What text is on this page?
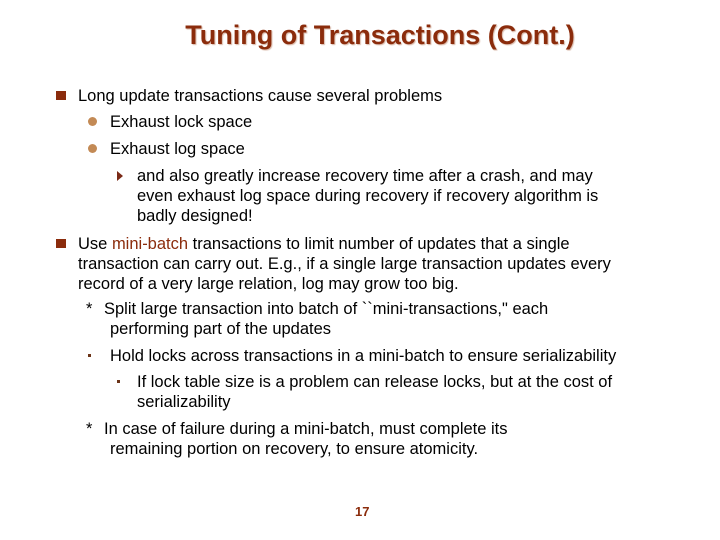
Tuning of Transactions (Cont.)
Long update transactions cause several problems
Exhaust lock space
Exhaust log space
and also greatly increase recovery time after a crash, and may
even exhaust log space during recovery if recovery algorithm is
badly designed!
Use mini-batch transactions to limit number of updates that a single
transaction can carry out. E.g., if a single large transaction updates every
record of a very large relation, log may grow too big.
* Split large transaction into batch of ``mini-transactions," each
performing part of the updates
Hold locks across transactions in a mini-batch to ensure serializability
If lock table size is a problem can release locks, but at the cost of
serializability
* In case of failure during a mini-batch, must complete its
remaining portion on recovery, to ensure atomicity.
17
